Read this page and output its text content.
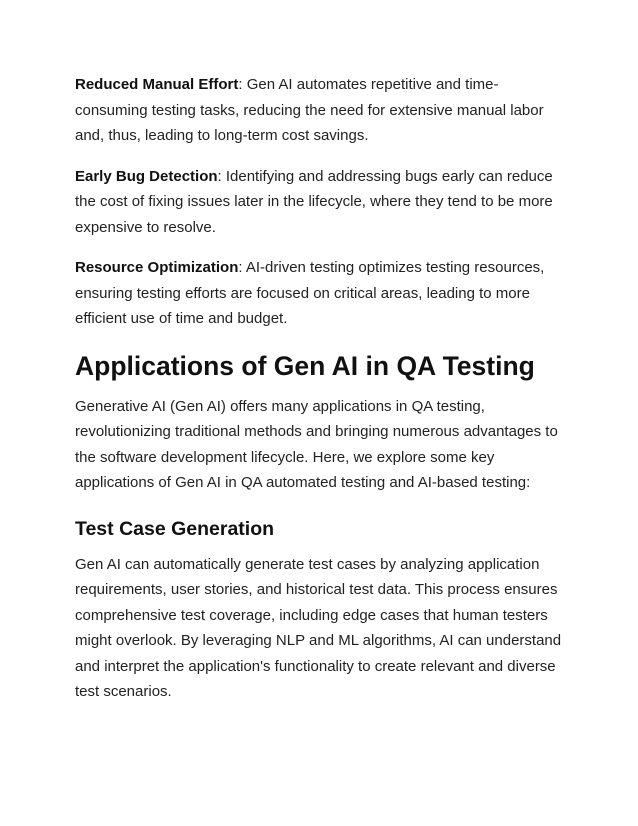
Reduced Manual Effort: Gen AI automates repetitive and time-consuming testing tasks, reducing the need for extensive manual labor and, thus, leading to long-term cost savings.

Early Bug Detection: Identifying and addressing bugs early can reduce the cost of fixing issues later in the lifecycle, where they tend to be more expensive to resolve.

Resource Optimization: AI-driven testing optimizes testing resources, ensuring testing efforts are focused on critical areas, leading to more efficient use of time and budget.

Applications of Gen AI in QA Testing

Generative AI (Gen AI) offers many applications in QA testing, revolutionizing traditional methods and bringing numerous advantages to the software development lifecycle. Here, we explore some key applications of Gen AI in QA automated testing and AI-based testing:

Test Case Generation

Gen AI can automatically generate test cases by analyzing application requirements, user stories, and historical test data. This process ensures comprehensive test coverage, including edge cases that human testers might overlook. By leveraging NLP and ML algorithms, AI can understand and interpret the application's functionality to create relevant and diverse test scenarios.
